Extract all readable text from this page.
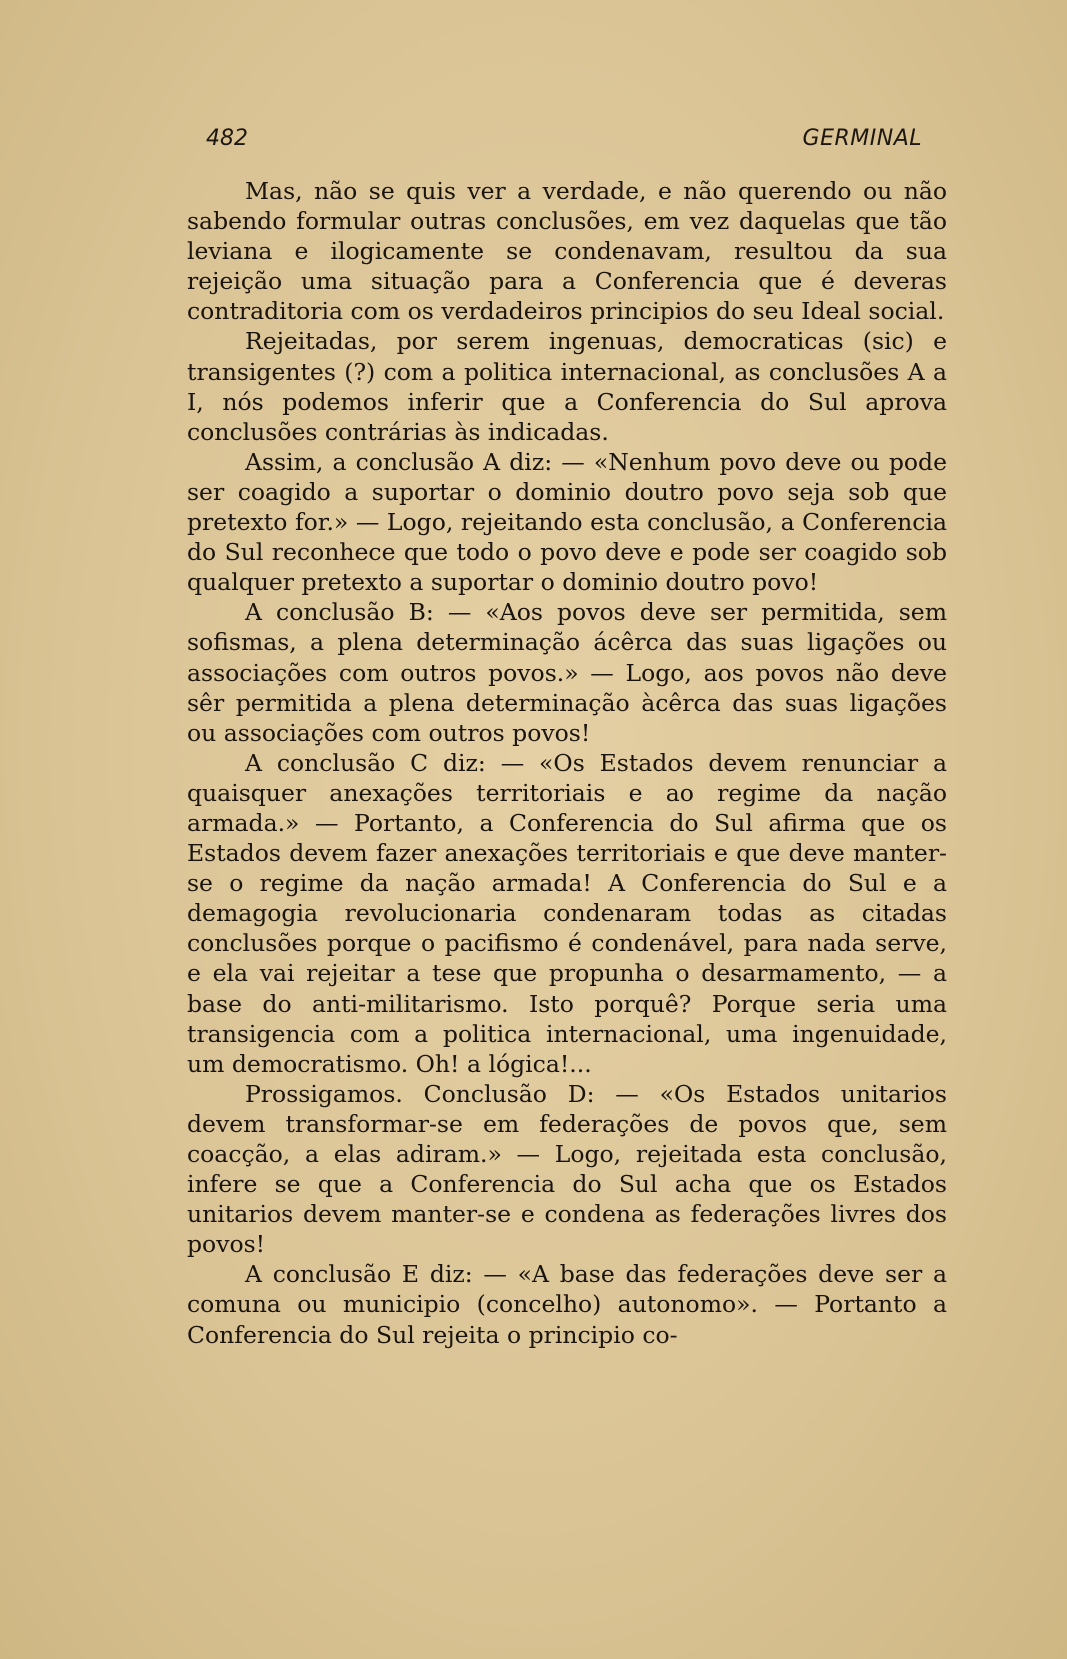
482	GERMINAL

Mas, não se quis ver a verdade, e não querendo ou não sabendo formular outras conclusões, em vez daquelas que tão leviana e ilogicamente se condenavam, resultou da sua rejeição uma situação para a Conferencia que é deveras contraditoria com os verdadeiros principios do seu Ideal social.

Rejeitadas, por serem ingenuas, democraticas (sic) e transigentes (?) com a politica internacional, as conclusões A a I, nós podemos inferir que a Conferencia do Sul aprova conclusões contrárias às indicadas.

Assim, a conclusão A diz: — «Nenhum povo deve ou pode ser coagido a suportar o dominio doutro povo seja sob que pretexto for.» — Logo, rejeitando esta conclusão, a Conferencia do Sul reconhece que todo o povo deve e pode ser coagido sob qualquer pretexto a suportar o dominio doutro povo!

A conclusão B: — «Aos povos deve ser permitida, sem sofismas, a plena determinação ácêrca das suas ligações ou associações com outros povos.» — Logo, aos povos não deve sêr permitida a plena determinação àcêrca das suas ligações ou associações com outros povos!

A conclusão C diz: — «Os Estados devem renunciar a quaisquer anexações territoriais e ao regime da nação armada.» — Portanto, a Conferencia do Sul afirma que os Estados devem fazer anexações territoriais e que deve manter-se o regime da nação armada! A Conferencia do Sul e a demagogia revolucionaria condenaram todas as citadas conclusões porque o pacifismo é condenável, para nada serve, e ela vai rejeitar a tese que propunha o desarmamento, — a base do anti-militarismo. Isto porquê? Porque seria uma transigencia com a politica internacional, uma ingenuidade, um democratismo. Oh! a lógica!...

Prossigamos. Conclusão D: — «Os Estados unitarios devem transformar-se em federações de povos que, sem coacção, a elas adiram.» — Logo, rejeitada esta conclusão, infere se que a Conferencia do Sul acha que os Estados unitarios devem manter-se e condena as federações livres dos povos!

A conclusão E diz: — «A base das federações deve ser a comuna ou municipio (concelho) autonomo». — Portanto a Conferencia do Sul rejeita o principio co-
